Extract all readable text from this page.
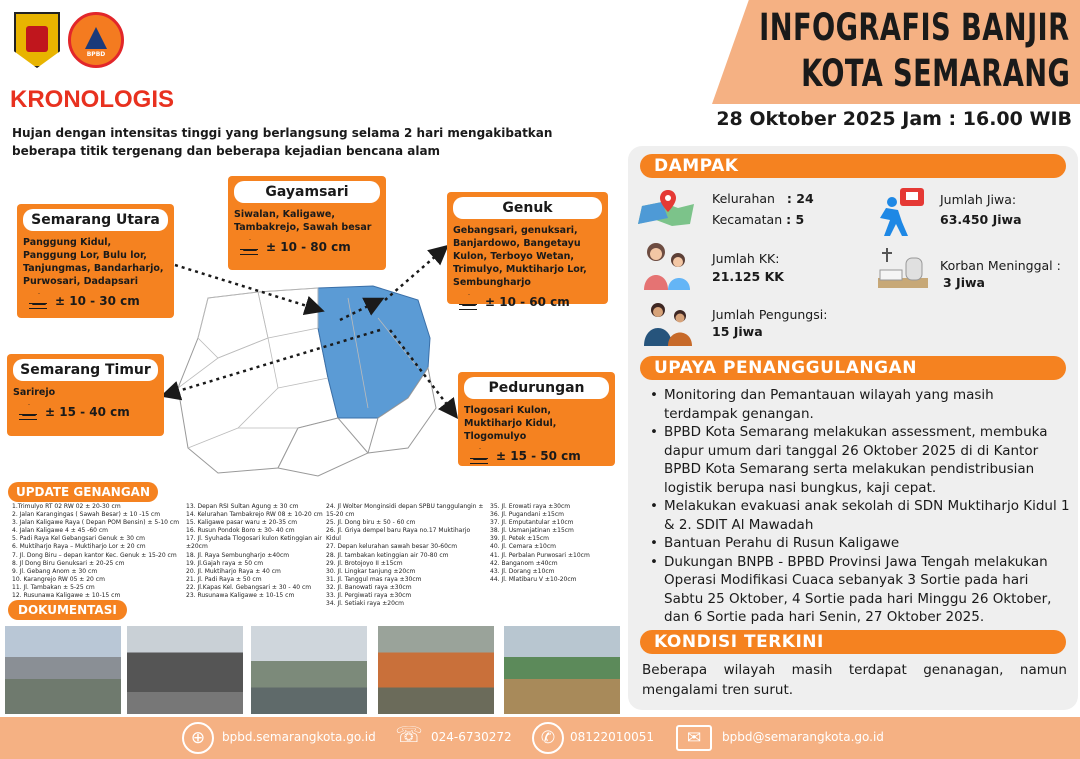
BPBD
INFOGRAFIS BANJIR
KOTA SEMARANG
28 Oktober 2025 Jam : 16.00 WIB
KRONOLOGIS
Hujan dengan intensitas tinggi yang berlangsung selama 2 hari mengakibatkan beberapa titik tergenang dan beberapa kejadian bencana alam
Semarang Utara
Panggung Kidul, Panggung Lor, Bulu lor, Tanjungmas, Bandarharjo, Purwosari, Dadapsari
± 10 - 30 cm
Gayamsari
Siwalan, Kaligawe, Tambakrejo, Sawah besar
± 10 - 80 cm
Genuk
Gebangsari, genuksari, Banjardowo, Bangetayu Kulon, Terboyo Wetan, Trimulyo, Muktiharjo Lor, Sembungharjo
± 10 - 60 cm
Semarang Timur
Sarirejo
± 15 - 40 cm
Pedurungan
Tlogosari Kulon, Muktiharjo Kidul, Tlogomulyo
± 15 - 50 cm
UPDATE GENANGAN
1.Trimulyo RT 02 RW 02 ± 20-30 cm
2. Jalan Karangingas ( Sawah Besar) ± 10 -15 cm
3. Jalan Kaligawe Raya ( Depan POM Bensin) ± 5-10 cm
4. Jalan Kaligawe 4 ± 45 -60 cm
5. Padi Raya Kel Gebangsari Genuk ± 30 cm
6. Muktiharjo Raya – Muktiharjo Lor ± 20 cm
7. Jl. Dong Biru – depan kantor Kec. Genuk ± 15-20 cm
8. Jl Dong Biru Genuksari ± 20-25 cm
9. Jl. Gebang Anom ± 30 cm
10. Karangrejo RW 05 ± 20 cm
11. Jl. Tambakan ± 5-25 cm
12. Rusunawa Kaligawe ± 10-15 cm
13. Depan RSI Sultan Agung ± 30 cm
14. Kelurahan Tambakrejo RW 08 ± 10-20 cm
15. Kaligawe pasar waru ± 20-35 cm
16. Rusun Pondok Boro ± 30- 40 cm
17. Jl. Syuhada Tlogosari kulon Ketinggian air ±20cm
18. Jl. Raya Sembungharjo ±40cm
19. Jl.Gajah raya ± 50 cm
20. Jl. Muktiharjo Raya ± 40 cm
21. Jl. Padi Raya ± 50 cm
22. Jl.Kapas Kel. Gebangsari ± 30 - 40 cm
23. Rusunawa Kaligawe ± 10-15 cm
24. Jl Wolter Monginsidi depan SPBU tanggulangin ± 15-20 cm
25. Jl. Dong biru ± 50 - 60 cm
26. Jl. Griya dempel baru Raya no.17 Muktiharjo Kidul
27. Depan kelurahan sawah besar 30-60cm
28. Jl. tambakan ketinggian air 70-80 cm
29. Jl. Brotojoyo II ±15cm
30. Jl. Lingkar tanjung ±20cm
31. Jl. Tanggul mas raya ±30cm
32. Jl. Banowati raya ±30cm
33. Jl. Pergiwati raya ±30cm
34. Jl. Setiaki raya ±20cm
35. Jl. Erowati raya ±30cm
36. Jl. Pugandani ±15cm
37. Jl. Emputantular ±10cm
38. Jl. Usmanjatinan ±15cm
39. Jl. Petek ±15cm
40. Jl. Cemara ±10cm
41. Jl. Perbalan Purwosari ±10cm
42. Banganom ±40cm
43. Jl. Dorang ±10cm
44. Jl. Mlatibaru V ±10-20cm
DOKUMENTASI
DAMPAK
Kelurahan : 24
Kecamatan : 5
Jumlah Jiwa:
63.450 Jiwa
Jumlah KK:
21.125 KK
Korban Meninggal :
3 Jiwa
Jumlah Pengungsi:
15 Jiwa
UPAYA PENANGGULANGAN
• Monitoring dan Pemantauan wilayah yang masih terdampak genangan.
• BPBD Kota Semarang melakukan assessment, membuka dapur umum dari tanggal 26 Oktober 2025 di di Kantor BPBD Kota Semarang serta melakukan pendistribusian logistik berupa nasi bungkus, kaji cepat.
• Melakukan evakuasi anak sekolah di SDN Muktiharjo Kidul 1 & 2. SDIT Al Mawadah
• Bantuan Perahu di Rusun Kaligawe
• Dukungan BNPB - BPBD Provinsi Jawa Tengah melakukan Operasi Modifikasi Cuaca sebanyak 3 Sortie pada hari Sabtu 25 Oktober, 4 Sortie pada hari Minggu 26 Oktober, dan 6 Sortie pada hari Senin, 27 Oktober 2025.
KONDISI TERKINI
Beberapa wilayah masih terdapat genanagan, namun mengalami tren surut.
⊕	bpbd.semarangkota.go.id ☏ 024-6730272	✆	08122010051	✉	bpbd@semarangkota.go.id
